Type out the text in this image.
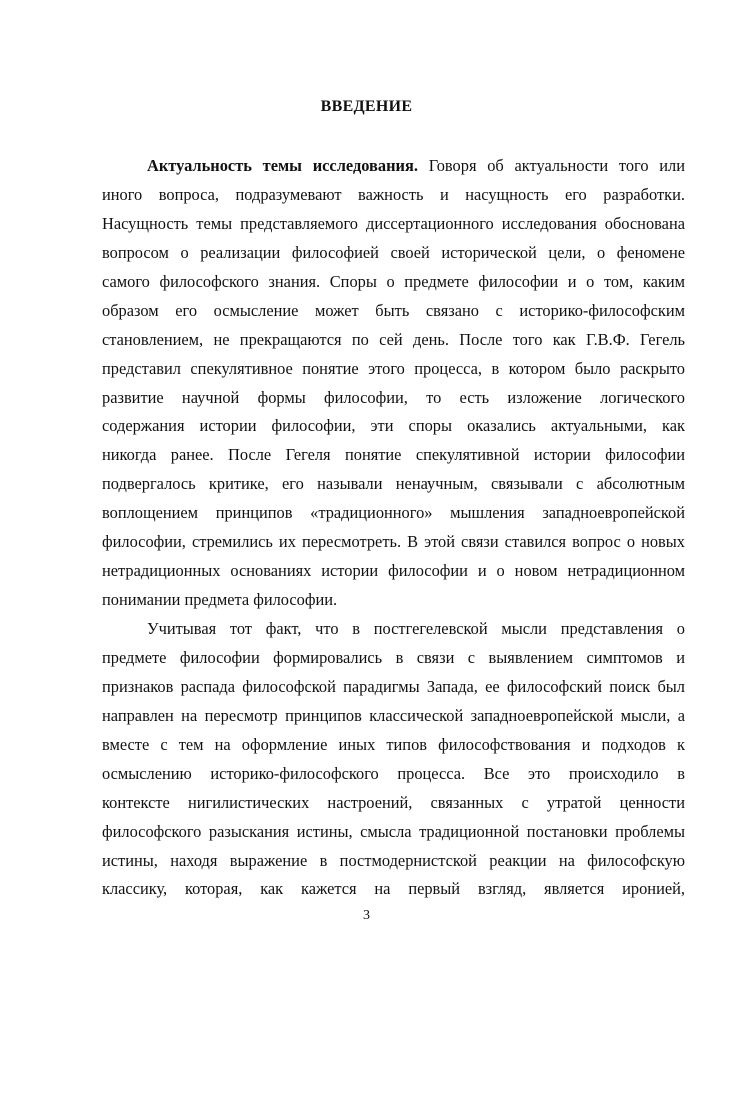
ВВЕДЕНИЕ
Актуальность темы исследования. Говоря об актуальности того или
иного вопроса, подразумевают важность и насущность его разработки.
Насущность темы представляемого диссертационного исследования обоснована
вопросом о реализации философией своей исторической цели, о феномене
самого философского знания. Споры о предмете философии и о том, каким
образом его осмысление может быть связано с историко-философским
становлением, не прекращаются по сей день. После того как Г.В.Ф. Гегель
представил спекулятивное понятие этого процесса, в котором было раскрыто
развитие научной формы философии, то есть изложение логического
содержания истории философии, эти споры оказались актуальными, как
никогда ранее. После Гегеля понятие спекулятивной истории философии
подвергалось критике, его называли ненаучным, связывали с абсолютным
воплощением принципов «традиционного» мышления западноевропейской
философии, стремились их пересмотреть. В этой связи ставился вопрос о новых
нетрадиционных основаниях истории философии и о новом нетрадиционном
понимании предмета философии.
Учитывая тот факт, что в постгегелевской мысли представления о
предмете философии формировались в связи с выявлением симптомов и
признаков распада философской парадигмы Запада, ее философский поиск был
направлен на пересмотр принципов классической западноевропейской мысли, а
вместе с тем на оформление иных типов философствования и подходов к
осмыслению историко-философского процесса. Все это происходило в
контексте нигилистических настроений, связанных с утратой ценности
философского разыскания истины, смысла традиционной постановки проблемы
истины, находя выражение в постмодернистской реакции на философскую
классику, которая, как кажется на первый взгляд, является иронией,
3
